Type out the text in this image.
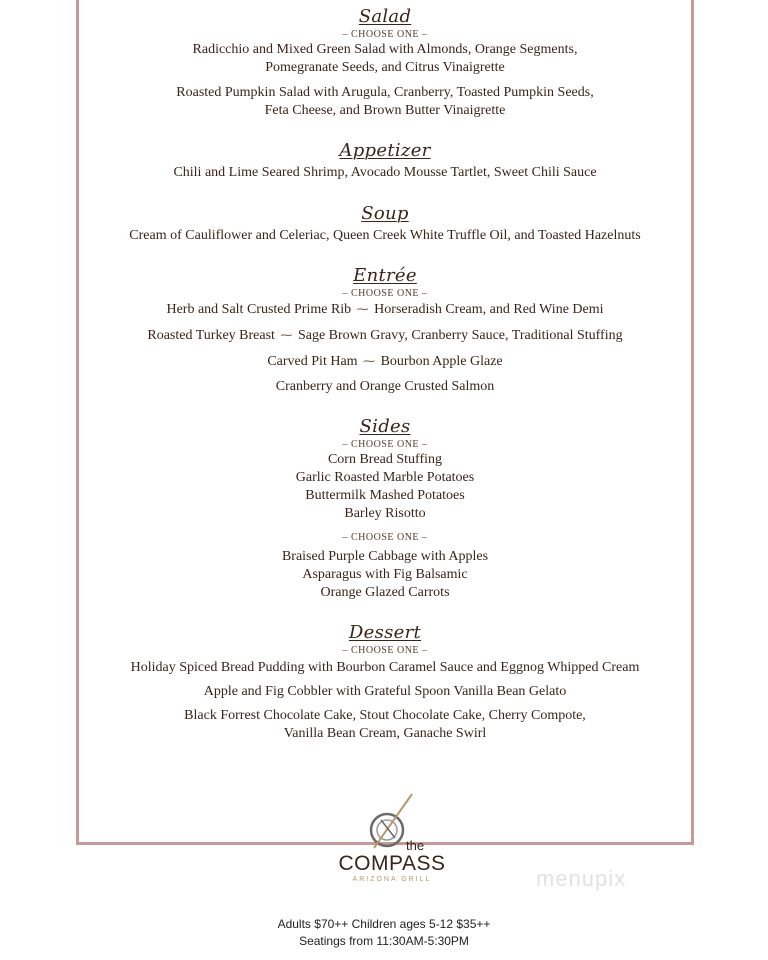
Salad
– CHOOSE ONE –
Radicchio and Mixed Green Salad with Almonds, Orange Segments,
Pomegranate Seeds, and Citrus Vinaigrette
Roasted Pumpkin Salad with Arugula, Cranberry, Toasted Pumpkin Seeds,
Feta Cheese, and Brown Butter Vinaigrette
Appetizer
Chili and Lime Seared Shrimp, Avocado Mousse Tartlet, Sweet Chili Sauce
Soup
Cream of Cauliflower and Celeriac, Queen Creek White Truffle Oil, and Toasted Hazelnuts
Entrée
– CHOOSE ONE –
Herb and Salt Crusted Prime Rib ⁓ Horseradish Cream, and Red Wine Demi
Roasted Turkey Breast ⁓ Sage Brown Gravy, Cranberry Sauce, Traditional Stuffing
Carved Pit Ham ⁓ Bourbon Apple Glaze
Cranberry and Orange Crusted Salmon
Sides
– CHOOSE ONE –
Corn Bread Stuffing
Garlic Roasted Marble Potatoes
Buttermilk Mashed Potatoes
Barley Risotto
– CHOOSE ONE –
Braised Purple Cabbage with Apples
Asparagus with Fig Balsamic
Orange Glazed Carrots
Dessert
– CHOOSE ONE –
Holiday Spiced Bread Pudding with Bourbon Caramel Sauce and Eggnog Whipped Cream
Apple and Fig Cobbler with Grateful Spoon Vanilla Bean Gelato
Black Forrest Chocolate Cake, Stout Chocolate Cake, Cherry Compote,
Vanilla Bean Cream, Ganache Swirl
the
COMPASS
ARIZONA GRILL	menupix
Adults $70++ Children ages 5-12 $35++
Seatings from 11:30AM-5:30PM
